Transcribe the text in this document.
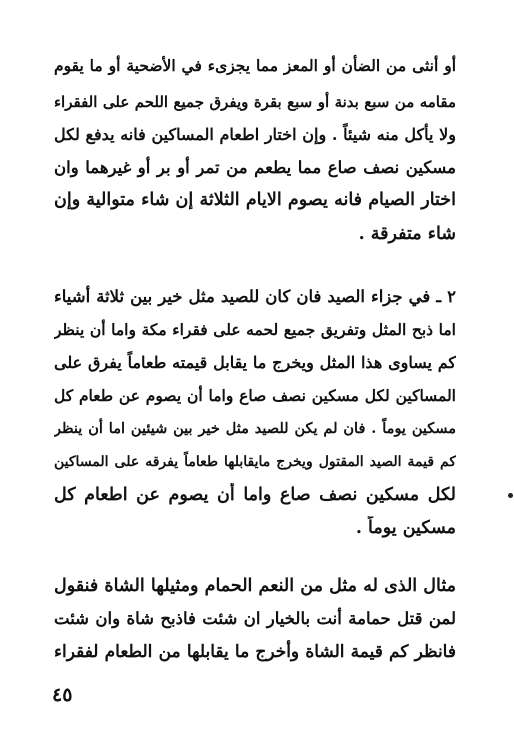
أو أنثى من الضأن أو المعز مما يجزىء في الأضحية أو ما يقوم
مقامه من سبع بدنة أو سبع بقرة ويفرق جميع اللحم على الفقراء
ولا يأكل منه شيئاً . وإن اختار اطعام المساكين فانه يدفع لكل
مسكين نصف صاع مما يطعم من تمر أو بر أو غيرهما وان
اختار الصيام فانه يصوم الايام الثلاثة إن شاء متوالية وإن
شاء متفرقة .
٢ ـ في جزاء الصيد فان كان للصيد مثل خير بين ثلاثة أشياء
اما ذبح المثل وتفريق جميع لحمه على فقراء مكة واما أن ينظر
كم يساوى هذا المثل ويخرج ما يقابل قيمته طعاماً يفرق على
المساكين لكل مسكين نصف صاع واما أن يصوم عن طعام كل
مسكين يوماً . فان لم يكن للصيد مثل خير بين شيئين اما أن ينظر
كم قيمة الصيد المقتول ويخرج مايقابلها طعاماً يفرقه على المساكين
لكل مسكين نصف صاع واما أن يصوم عن اطعام كل
مسكين يوماً .
مثال الذى له مثل من النعم الحمام ومثيلها الشاة فنقول
لمن قتل حمامة أنت بالخيار ان شئت فاذبح شاة وان شئت
فانظر كم قيمة الشاة وأخرج ما يقابلها من الطعام لفقراء
٤٥
